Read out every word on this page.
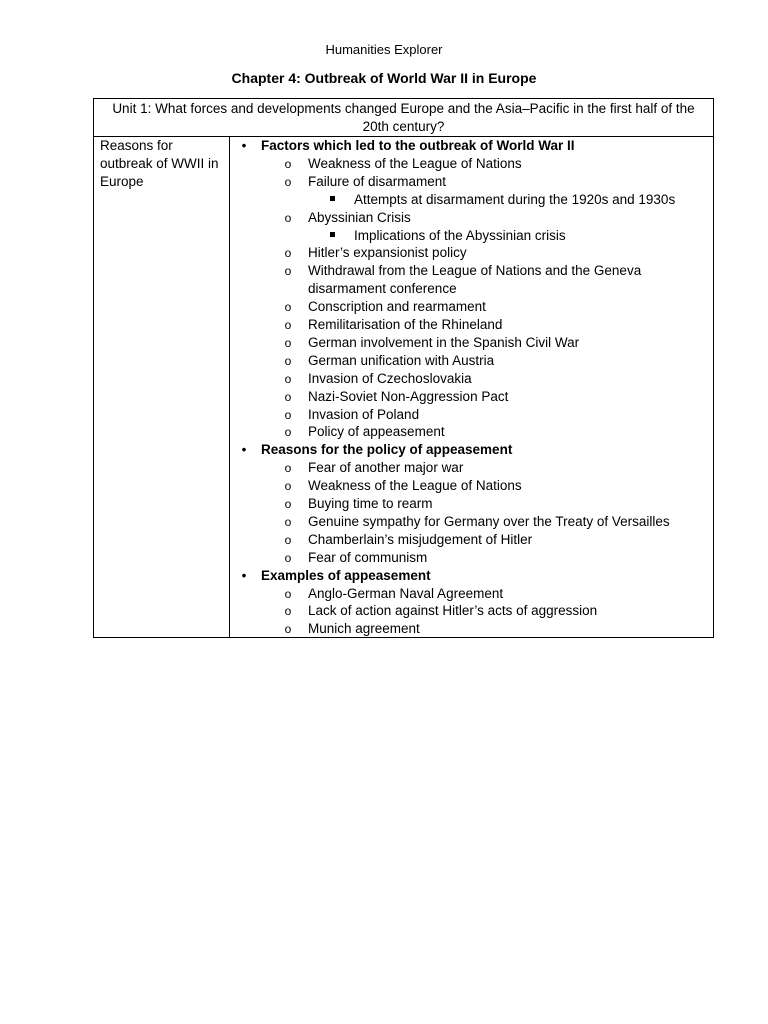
Humanities Explorer
Chapter 4: Outbreak of World War II in Europe
Unit 1: What forces and developments changed Europe and the Asia–Pacific in the first half of the 20th century?
Reasons for outbreak of WWII in Europe
• Factors which led to the outbreak of World War II
o Weakness of the League of Nations
o Failure of disarmament
Attempts at disarmament during the 1920s and 1930s
o Abyssinian Crisis
Implications of the Abyssinian crisis
o Hitler’s expansionist policy
o Withdrawal from the League of Nations and the Geneva
disarmament conference
o Conscription and rearmament
o Remilitarisation of the Rhineland
o German involvement in the Spanish Civil War
o German unification with Austria
o Invasion of Czechoslovakia
o Nazi-Soviet Non-Aggression Pact
o Invasion of Poland
o Policy of appeasement
• Reasons for the policy of appeasement
o Fear of another major war
o Weakness of the League of Nations
o Buying time to rearm
o Genuine sympathy for Germany over the Treaty of Versailles
o Chamberlain’s misjudgement of Hitler
o Fear of communism
• Examples of appeasement
o Anglo-German Naval Agreement
o Lack of action against Hitler’s acts of aggression
o Munich agreement
